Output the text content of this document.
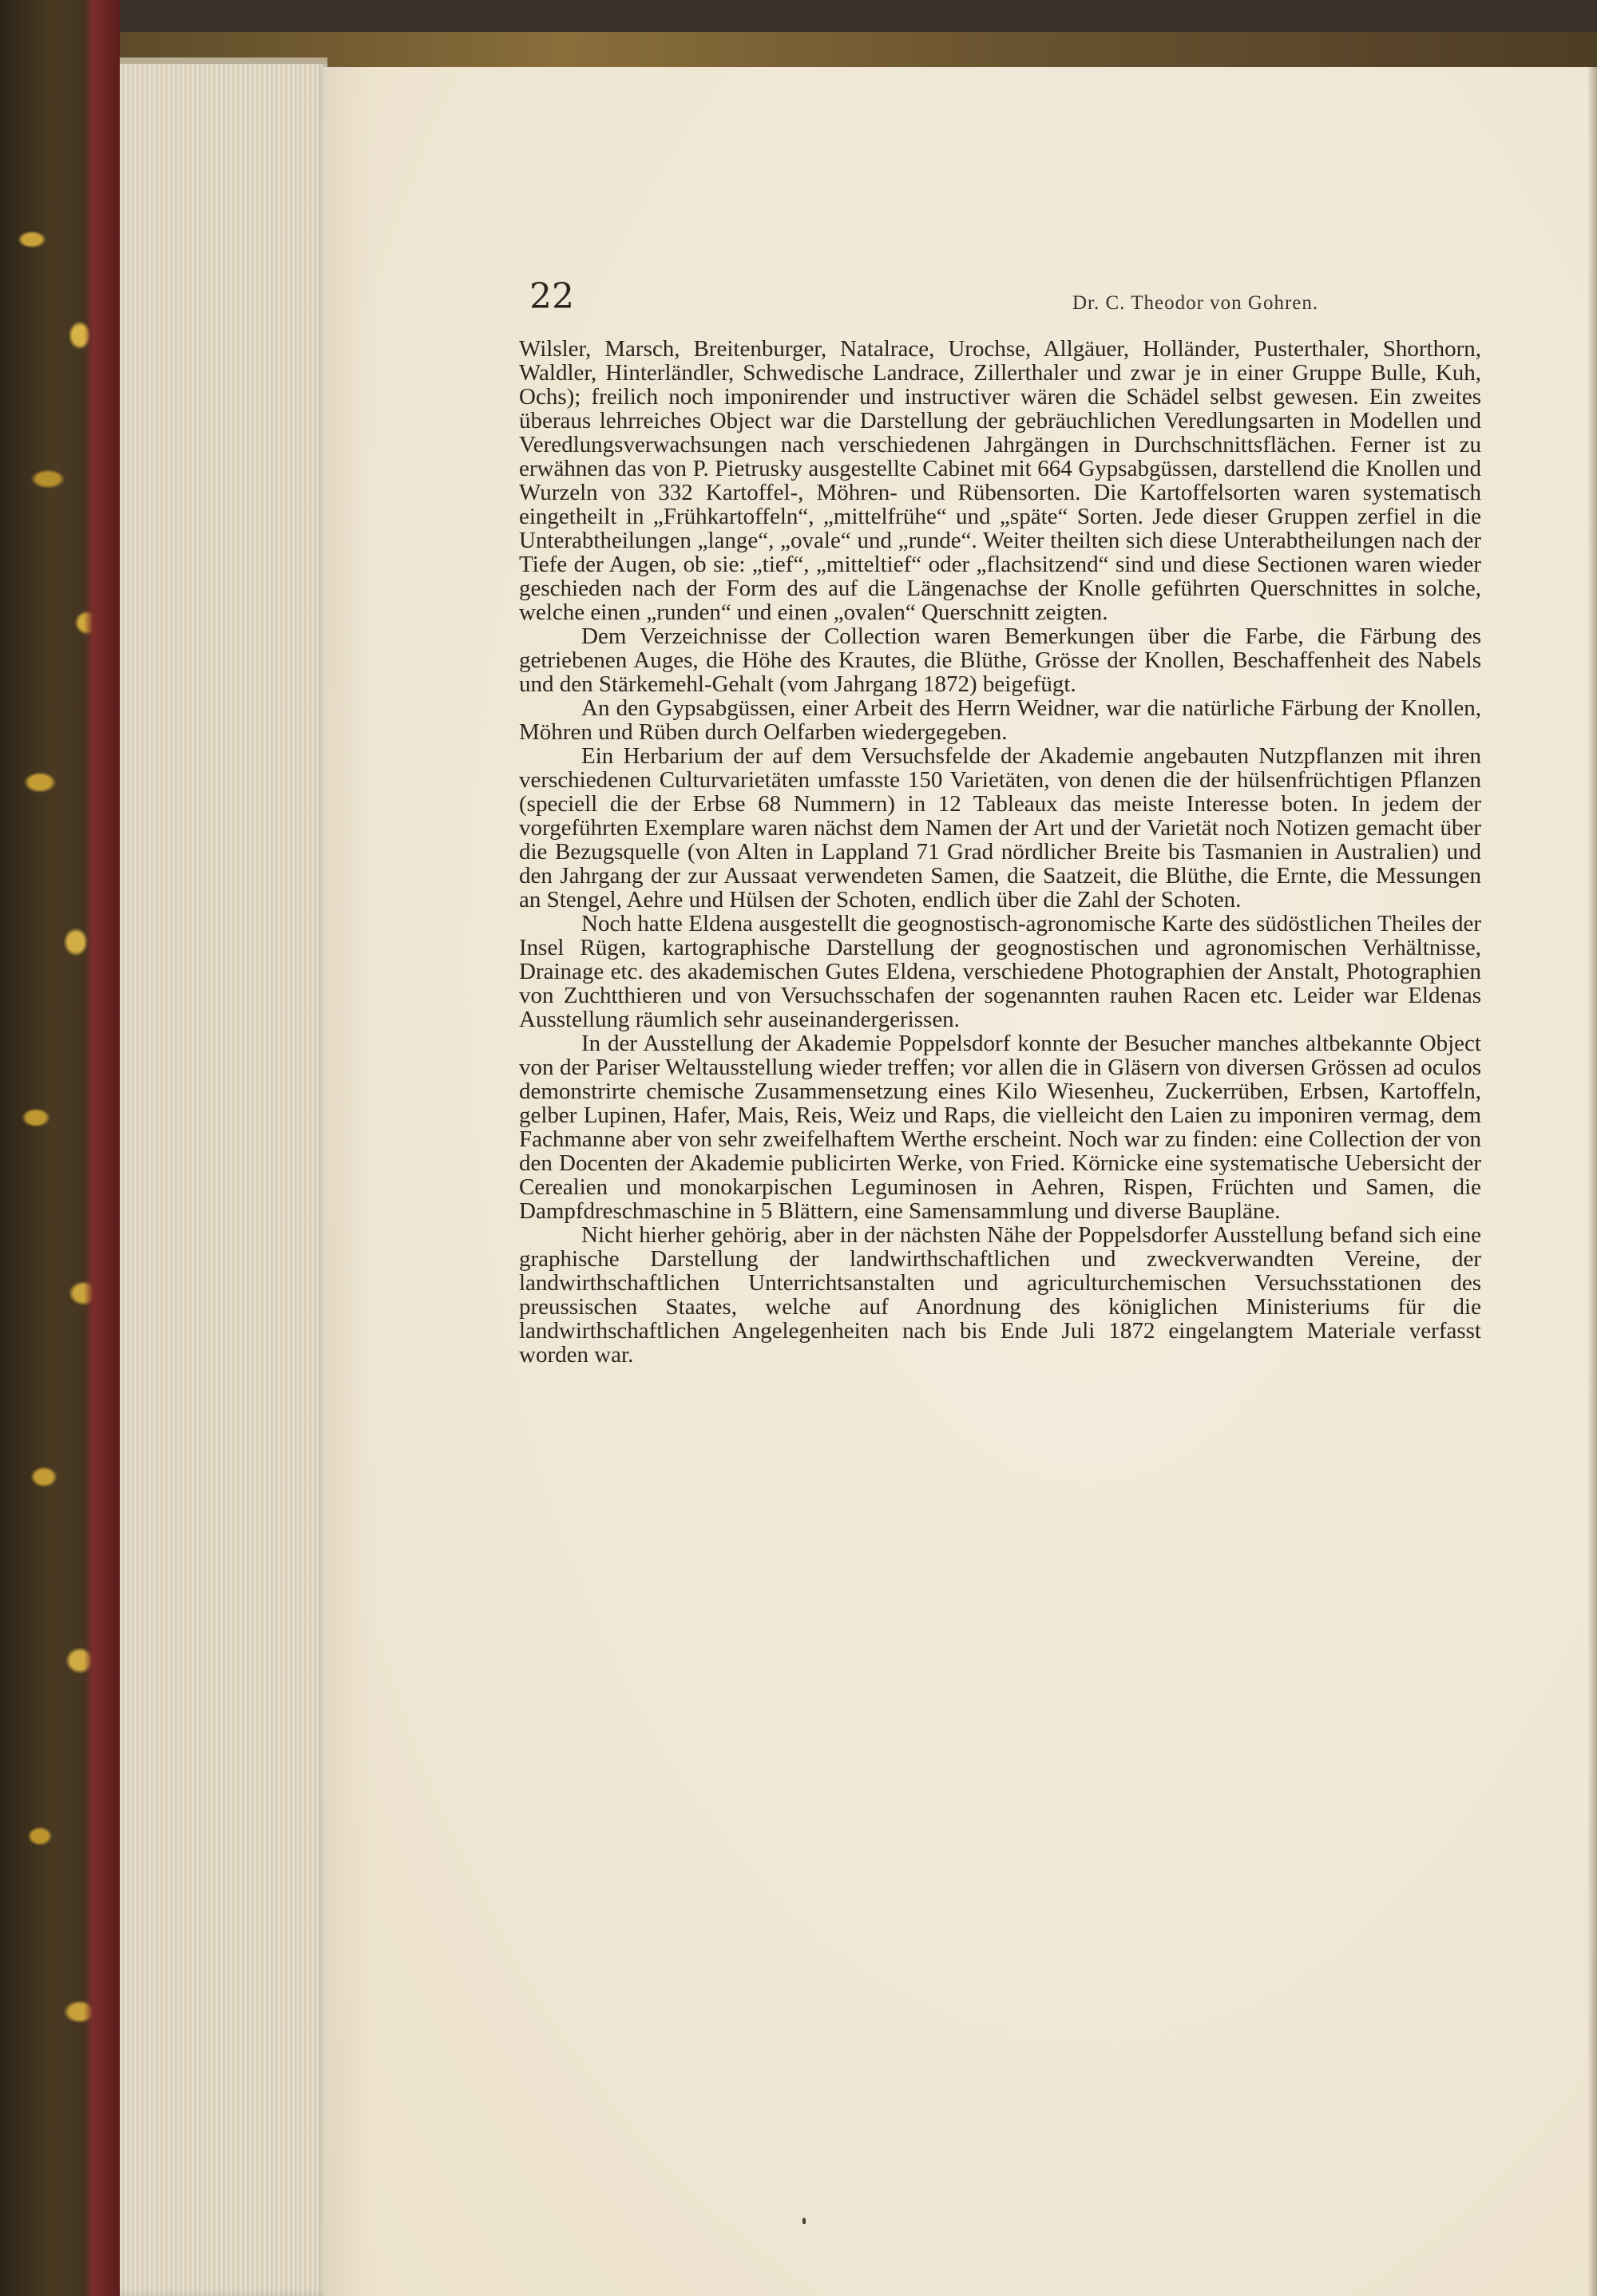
22	Dr. C. Theodor von Gohren.

Wilsler, Marsch, Breitenburger, Natalrace, Urochse, Allgäuer, Holländer, Pusterthaler, Shorthorn, Waldler, Hinterländler, Schwedische Landrace, Zillerthaler und zwar je in einer Gruppe Bulle, Kuh, Ochs); freilich noch imponirender und instructiver wären die Schädel selbst gewesen. Ein zweites überaus lehrreiches Object war die Darstellung der gebräuchlichen Veredlungsarten in Modellen und Veredlungsverwachsungen nach verschiedenen Jahrgängen in Durchschnittsflächen. Ferner ist zu erwähnen das von P. Pietrusky ausgestellte Cabinet mit 664 Gypsabgüssen, darstellend die Knollen und Wurzeln von 332 Kartoffel-, Möhren- und Rübensorten. Die Kartoffelsorten waren systematisch eingetheilt in „Frühkartoffeln“, „mittelfrühe“ und „späte“ Sorten. Jede dieser Gruppen zerfiel in die Unterabtheilungen „lange“, „ovale“ und „runde“. Weiter theilten sich diese Unterabtheilungen nach der Tiefe der Augen, ob sie: „tief“, „mitteltief“ oder „flachsitzend“ sind und diese Sectionen waren wieder geschieden nach der Form des auf die Längenachse der Knolle geführten Querschnittes in solche, welche einen „runden“ und einen „ovalen“ Querschnitt zeigten.

Dem Verzeichnisse der Collection waren Bemerkungen über die Farbe, die Färbung des getriebenen Auges, die Höhe des Krautes, die Blüthe, Grösse der Knollen, Beschaffenheit des Nabels und den Stärkemehl-Gehalt (vom Jahrgang 1872) beigefügt.

An den Gypsabgüssen, einer Arbeit des Herrn Weidner, war die natürliche Färbung der Knollen, Möhren und Rüben durch Oelfarben wiedergegeben.

Ein Herbarium der auf dem Versuchsfelde der Akademie angebauten Nutzpflanzen mit ihren verschiedenen Culturvarietäten umfasste 150 Varietäten, von denen die der hülsenfrüchtigen Pflanzen (speciell die der Erbse 68 Nummern) in 12 Tableaux das meiste Interesse boten. In jedem der vorgeführten Exemplare waren nächst dem Namen der Art und der Varietät noch Notizen gemacht über die Bezugsquelle (von Alten in Lappland 71 Grad nördlicher Breite bis Tasmanien in Australien) und den Jahrgang der zur Aussaat verwendeten Samen, die Saatzeit, die Blüthe, die Ernte, die Messungen an Stengel, Aehre und Hülsen der Schoten, endlich über die Zahl der Schoten.

Noch hatte Eldena ausgestellt die geognostisch-agronomische Karte des südöstlichen Theiles der Insel Rügen, kartographische Darstellung der geognostischen und agronomischen Verhältnisse, Drainage etc. des akademischen Gutes Eldena, verschiedene Photographien der Anstalt, Photographien von Zuchtthieren und von Versuchsschafen der sogenannten rauhen Racen etc. Leider war Eldenas Ausstellung räumlich sehr auseinandergerissen.

In der Ausstellung der Akademie Poppelsdorf konnte der Besucher manches altbekannte Object von der Pariser Weltausstellung wieder treffen; vor allen die in Gläsern von diversen Grössen ad oculos demonstrirte chemische Zusammensetzung eines Kilo Wiesenheu, Zuckerrüben, Erbsen, Kartoffeln, gelber Lupinen, Hafer, Mais, Reis, Weiz und Raps, die vielleicht den Laien zu imponiren vermag, dem Fachmanne aber von sehr zweifelhaftem Werthe erscheint. Noch war zu finden: eine Collection der von den Docenten der Akademie publicirten Werke, von Fried. Körnicke eine systematische Uebersicht der Cerealien und monokarpischen Leguminosen in Aehren, Rispen, Früchten und Samen, die Dampfdreschmaschine in 5 Blättern, eine Samensammlung und diverse Baupläne.

Nicht hierher gehörig, aber in der nächsten Nähe der Poppelsdorfer Ausstellung befand sich eine graphische Darstellung der landwirthschaftlichen und zweckverwandten Vereine, der landwirthschaftlichen Unterrichtsanstalten und agriculturchemischen Versuchsstationen des preussischen Staates, welche auf Anordnung des königlichen Ministeriums für die landwirthschaftlichen Angelegenheiten nach bis Ende Juli 1872 eingelangtem Materiale verfasst worden war.
